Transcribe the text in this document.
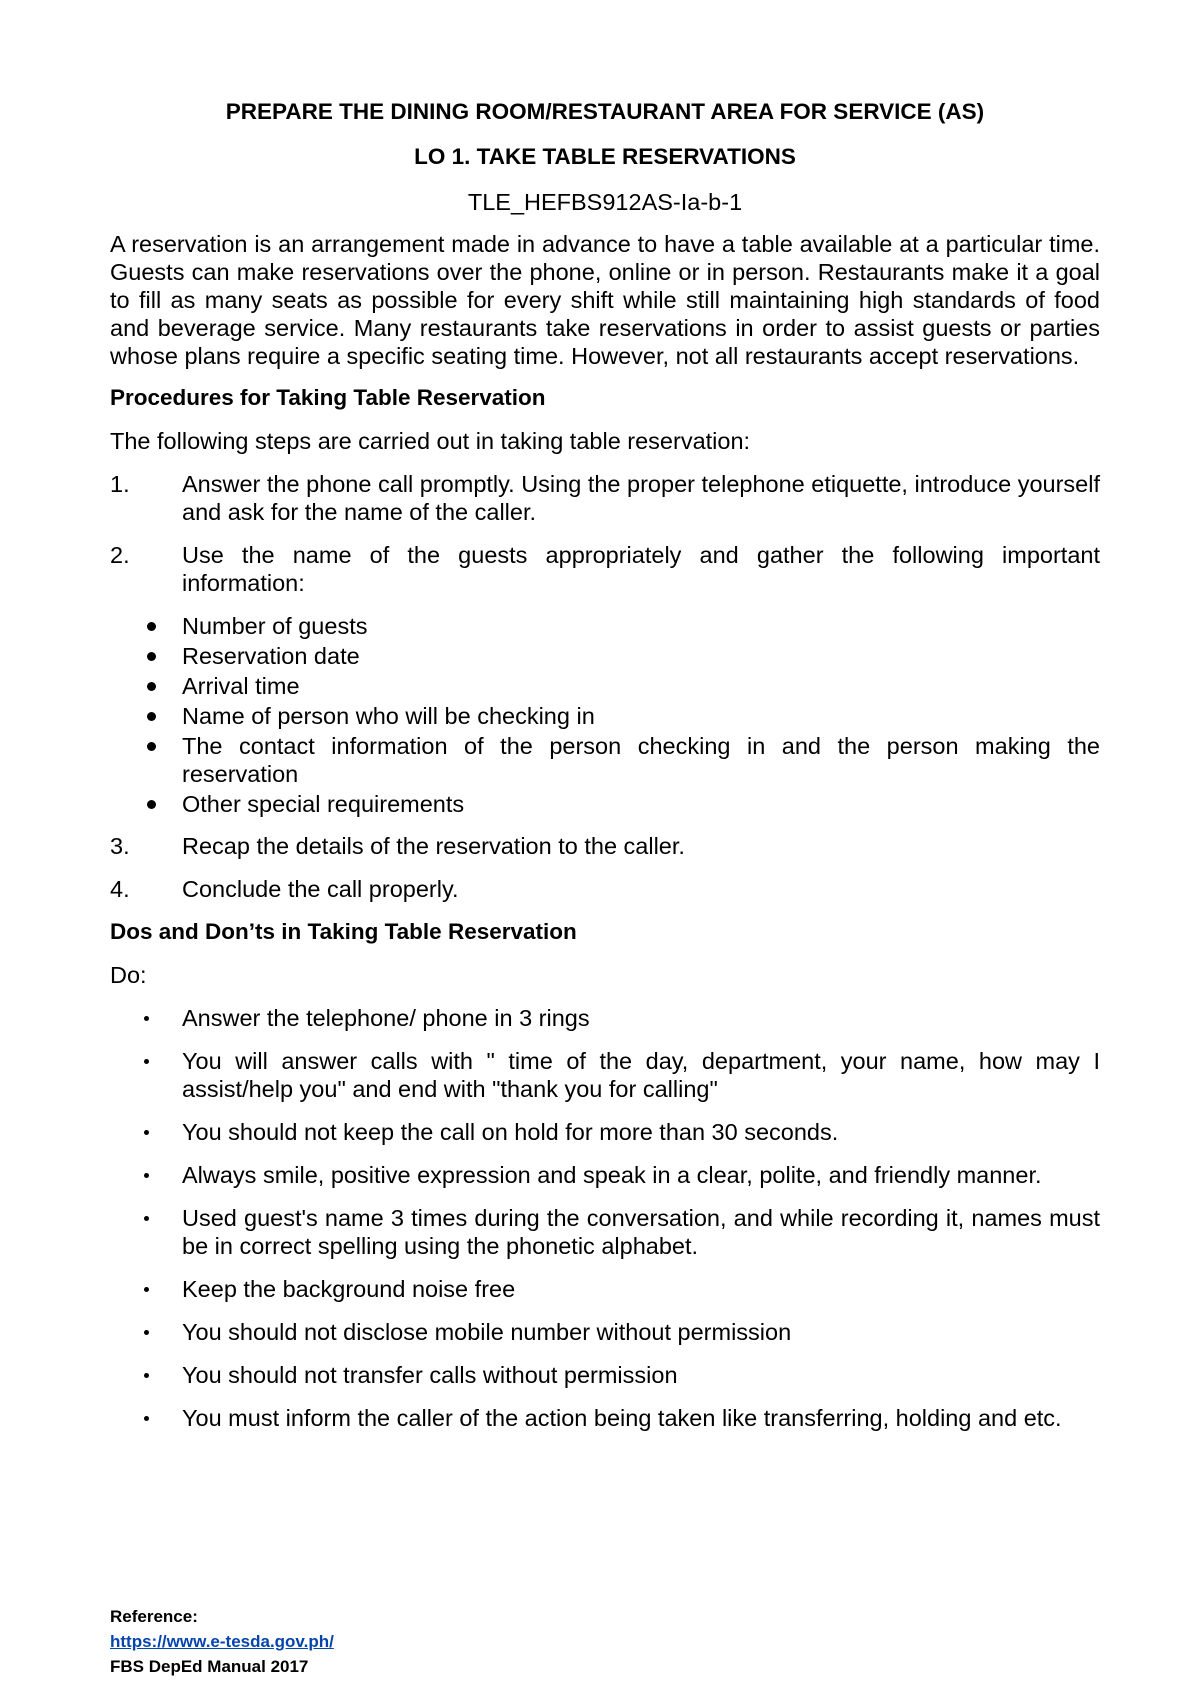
PREPARE THE DINING ROOM/RESTAURANT AREA FOR SERVICE (AS)
LO 1. TAKE TABLE RESERVATIONS
TLE_HEFBS912AS-Ia-b-1
A reservation is an arrangement made in advance to have a table available at a particular time. Guests can make reservations over the phone, online or in person. Restaurants make it a goal to fill as many seats as possible for every shift while still maintaining high standards of food and beverage service. Many restaurants take reservations in order to assist guests or parties whose plans require a specific seating time. However, not all restaurants accept reservations.
Procedures for Taking Table Reservation
The following steps are carried out in taking table reservation:
1.	Answer the phone call promptly. Using the proper telephone etiquette, introduce yourself and ask for the name of the caller.
2.	Use the name of the guests appropriately and gather the following important information:
Number of guests
Reservation date
Arrival time
Name of person who will be checking in
The contact information of the person checking in and the person making the reservation
Other special requirements
3.	Recap the details of the reservation to the caller.
4.	Conclude the call properly.
Dos and Don’ts in Taking Table Reservation
Do:
Answer the telephone/ phone in 3 rings
You will answer calls with " time of the day, department, your name, how may I assist/help you" and end with "thank you for calling"
You should not keep the call on hold for more than 30 seconds.
Always smile, positive expression and speak in a clear, polite, and friendly manner.
Used guest's name 3 times during the conversation, and while recording it, names must be in correct spelling using the phonetic alphabet.
Keep the background noise free
You should not disclose mobile number without permission
You should not transfer calls without permission
You must inform the caller of the action being taken like transferring, holding and etc.
Reference:
https://www.e-tesda.gov.ph/
FBS DepEd Manual 2017
